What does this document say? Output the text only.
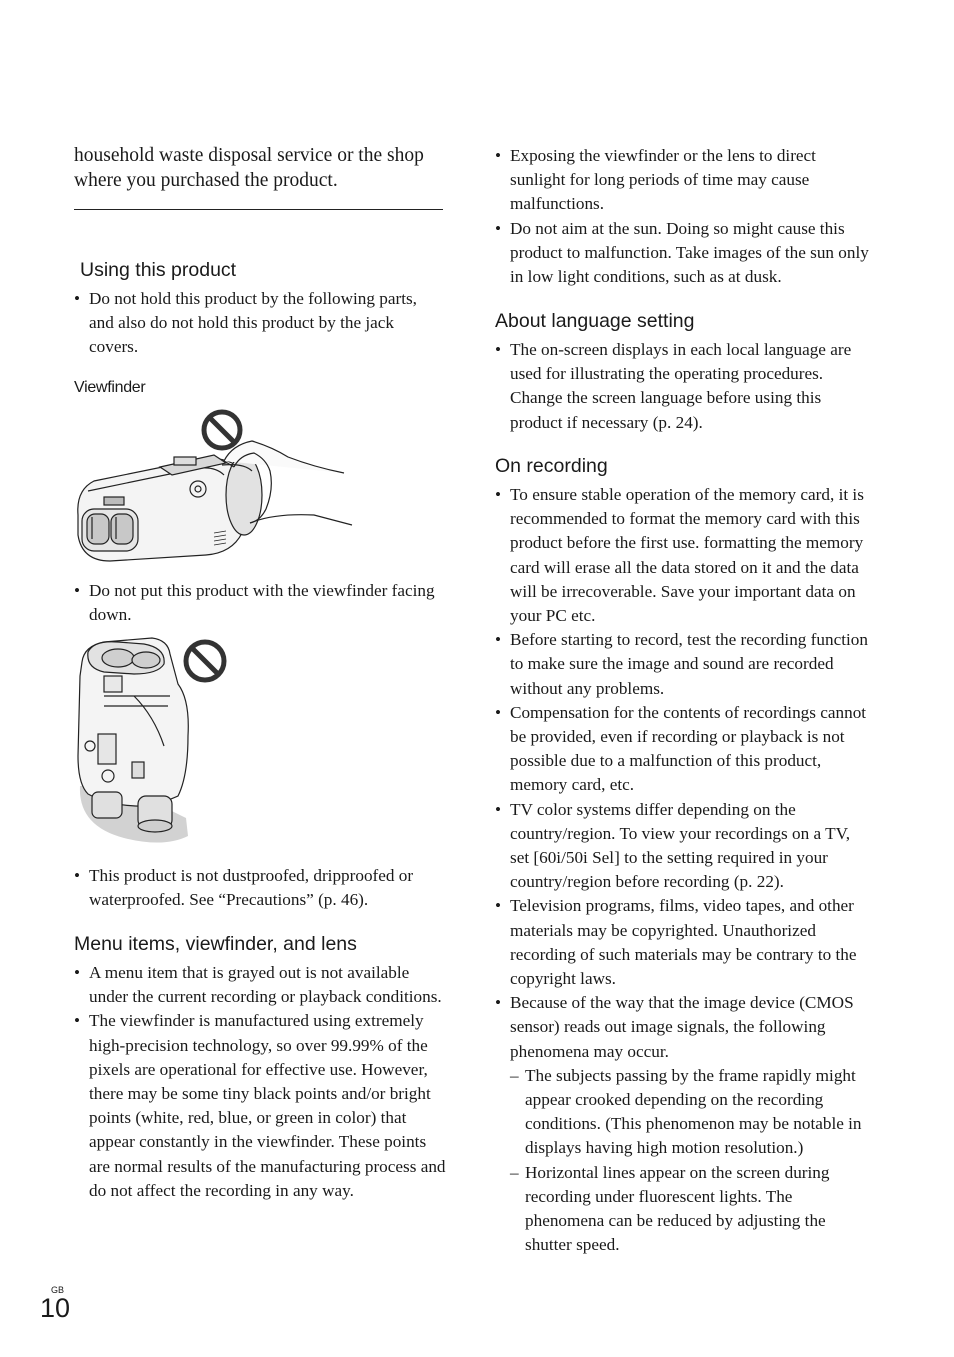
household waste disposal service or the shop where you purchased the product.
Using this product
• Do not hold this product by the following parts, and also do not hold this product by the jack covers.
Viewfinder
• Do not put this product with the viewfinder facing down.
• This product is not dustproofed, dripproofed or waterproofed. See “Precautions” (p. 46).
Menu items, viewfinder, and lens
• A menu item that is grayed out is not available under the current recording or playback conditions.
• The viewfinder is manufactured using extremely high-precision technology, so over 99.99% of the pixels are operational for effective use. However, there may be some tiny black points and/or bright points (white, red, blue, or green in color) that appear constantly in the viewfinder. These points are normal results of the manufacturing process and do not affect the recording in any way.
• Exposing the viewfinder or the lens to direct sunlight for long periods of time may cause malfunctions.
• Do not aim at the sun. Doing so might cause this product to malfunction. Take images of the sun only in low light conditions, such as at dusk.
About language setting
• The on-screen displays in each local language are used for illustrating the operating procedures. Change the screen language before using this product if necessary (p. 24).
On recording
• To ensure stable operation of the memory card, it is recommended to format the memory card with this product before the first use. formatting the memory card will erase all the data stored on it and the data will be irrecoverable. Save your important data on your PC etc.
• Before starting to record, test the recording function to make sure the image and sound are recorded without any problems.
• Compensation for the contents of recordings cannot be provided, even if recording or playback is not possible due to a malfunction of this product, memory card, etc.
• TV color systems differ depending on the country/region. To view your recordings on a TV, set [60i/50i Sel] to the setting required in your country/region before recording (p. 22).
• Television programs, films, video tapes, and other materials may be copyrighted. Unauthorized recording of such materials may be contrary to the copyright laws.
• Because of the way that the image device (CMOS sensor) reads out image signals, the following phenomena may occur.
– The subjects passing by the frame rapidly might appear crooked depending on the recording conditions. (This phenomenon may be notable in displays having high motion resolution.)
– Horizontal lines appear on the screen during recording under fluorescent lights. The phenomena can be reduced by adjusting the shutter speed.
GB
10
